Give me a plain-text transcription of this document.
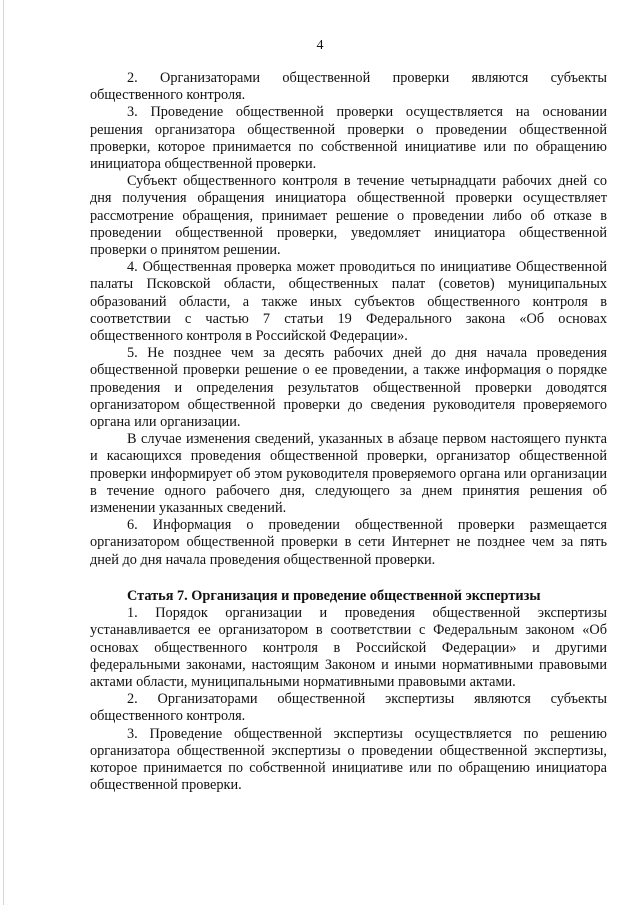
4

2. Организаторами общественной проверки являются субъекты общественного контроля.

3. Проведение общественной проверки осуществляется на основании решения организатора общественной проверки о проведении общественной проверки, которое принимается по собственной инициативе или по обращению инициатора общественной проверки.

Субъект общественного контроля в течение четырнадцати рабочих дней со дня получения обращения инициатора общественной проверки осуществляет рассмотрение обращения, принимает решение о проведении либо об отказе в проведении общественной проверки, уведомляет инициатора общественной проверки о принятом решении.

4. Общественная проверка может проводиться по инициативе Общественной палаты Псковской области, общественных палат (советов) муниципальных образований области, а также иных субъектов общественного контроля в соответствии с частью 7 статьи 19 Федерального закона «Об основах общественного контроля в Российской Федерации».

5. Не позднее чем за десять рабочих дней до дня начала проведения общественной проверки решение о ее проведении, а также информация о порядке проведения и определения результатов общественной проверки доводятся организатором общественной проверки до сведения руководителя проверяемого органа или организации.

В случае изменения сведений, указанных в абзаце первом настоящего пункта и касающихся проведения общественной проверки, организатор общественной проверки информирует об этом руководителя проверяемого органа или организации в течение одного рабочего дня, следующего за днем принятия решения об изменении указанных сведений.

6. Информация о проведении общественной проверки размещается организатором общественной проверки в сети Интернет не позднее чем за пять дней до дня начала проведения общественной проверки.

Статья 7. Организация и проведение общественной экспертизы

1. Порядок организации и проведения общественной экспертизы устанавливается ее организатором в соответствии с Федеральным законом «Об основах общественного контроля в Российской Федерации» и другими федеральными законами, настоящим Законом и иными нормативными правовыми актами области, муниципальными нормативными правовыми актами.

2. Организаторами общественной экспертизы являются субъекты общественного контроля.

3. Проведение общественной экспертизы осуществляется по решению организатора общественной экспертизы о проведении общественной экспертизы, которое принимается по собственной инициативе или по обращению инициатора общественной проверки.
